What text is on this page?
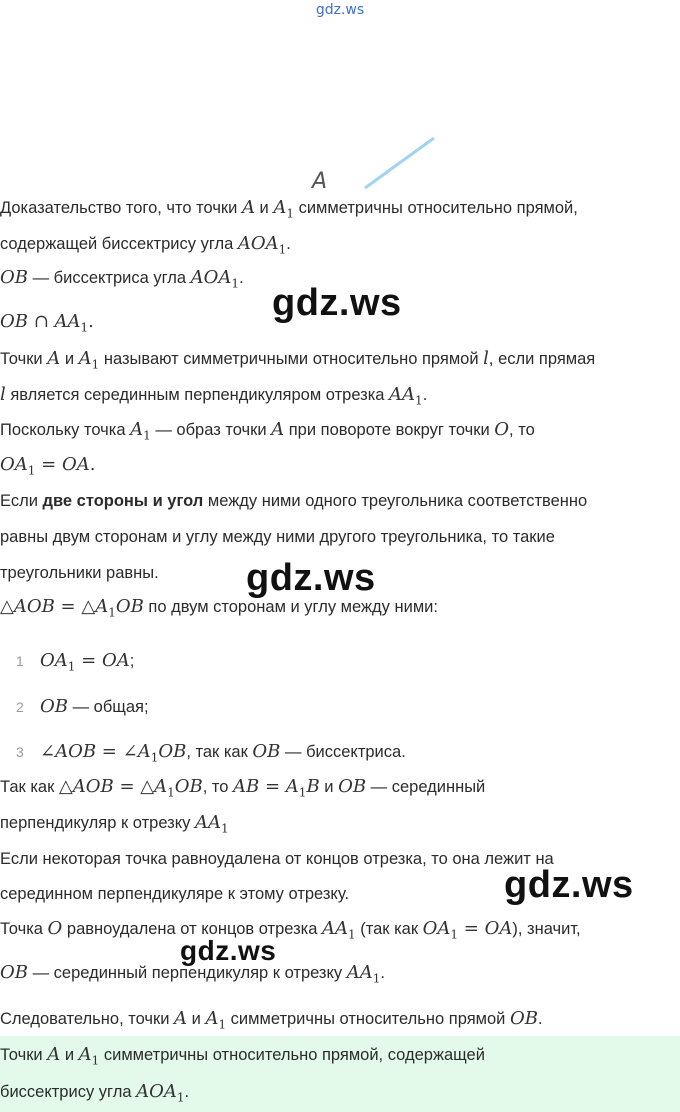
gdz.ws
A
Доказательство того, что точки A и $A_1$ симметричны относительно прямой,
содержащей биссектрису угла $AOA_1$.
OB — биссектриса угла $AOA_1$.
OB ∩ $AA_1$.
Точки A и $A_1$ называют симметричными относительно прямой l, если прямая
l является серединным перпендикуляром отрезка $AA_1$.
Поскольку точка $A_1$ — образ точки A при повороте вокруг точки O, то
$OA_1$ = OA.
Если две стороны и угол между ними одного треугольника соответственно
равны двум сторонам и углу между ними другого треугольника, то такие
треугольники равны.
△AOB = $\triangle A_1OB$ по двум сторонам и углу между ними:
1 $OA_1$ = OA;
2 OB — общая;
3 ∠AOB = $\angle A_1OB$, так как OB — биссектриса.
Так как △AOB = $\triangle A_1OB$, то AB = $A_1B$ и OB — серединный
перпендикуляр к отрезку $AA_1$
Если некоторая точка равноудалена от концов отрезка, то она лежит на
серединном перпендикуляре к этому отрезку.
Точка O равноудалена от концов отрезка $AA_1$ (так как $OA_1 = OA$), значит,
OB — серединный перпендикуляр к отрезку $AA_1$.
Следовательно, точки A и $A_1$ симметричны относительно прямой OB.
Точки A и $A_1$ симметричны относительно прямой, содержащей
биссектрису угла $AOA_1$.
gdz.ws
gdz.ws
gdz.ws
gdz.ws
